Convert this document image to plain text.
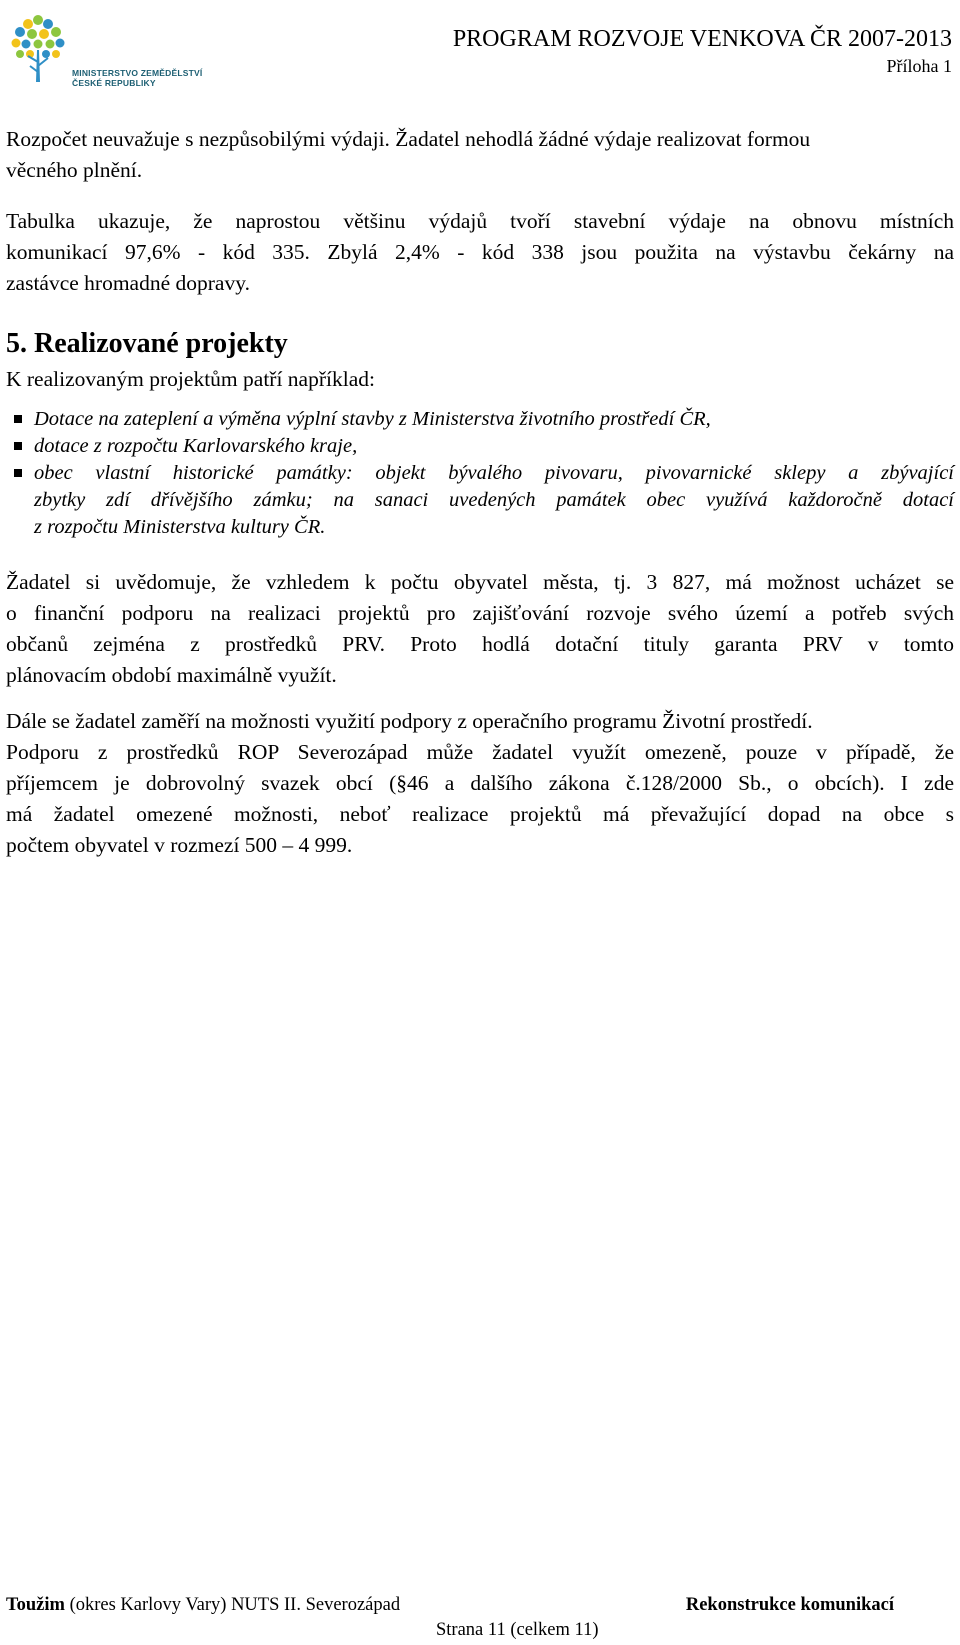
MINISTERSTVO ZEMĚDĚLSTVÍ
ČESKÉ REPUBLIKY
PROGRAM ROZVOJE VENKOVA ČR 2007-2013
Příloha 1
Rozpočet neuvažuje s nezpůsobilými výdaji. Žadatel nehodlá žádné výdaje realizovat formou
věcného plnění.
Tabulka ukazuje, že naprostou většinu výdajů tvoří stavební výdaje na obnovu místních
komunikací 97,6% - kód 335. Zbylá 2,4% - kód 338 jsou použita na výstavbu čekárny na
zastávce hromadné dopravy.
5. Realizované projekty
K realizovaným projektům patří například:
Dotace na zateplení a výměna výplní stavby z Ministerstva životního prostředí ČR,
dotace z rozpočtu Karlovarského kraje,
obec vlastní historické památky: objekt bývalého pivovaru, pivovarnické sklepy a zbývající
zbytky zdí dřívějšího zámku; na sanaci uvedených památek obec využívá každoročně dotací
z rozpočtu Ministerstva kultury ČR.
Žadatel si uvědomuje, že vzhledem k počtu obyvatel města, tj. 3 827, má možnost ucházet se
o finanční podporu na realizaci projektů pro zajišťování rozvoje svého území a potřeb svých
občanů zejména z prostředků PRV. Proto hodlá dotační tituly garanta PRV v tomto
plánovacím období maximálně využít.
Dále se žadatel zaměří na možnosti využití podpory z operačního programu Životní prostředí.
Podporu z prostředků ROP Severozápad může žadatel využít omezeně, pouze v případě, že
příjemcem je dobrovolný svazek obcí (§46 a dalšího zákona č.128/2000 Sb., o obcích). I zde
má žadatel omezené možnosti, neboť realizace projektů má převažující dopad na obce s
počtem obyvatel v rozmezí 500 – 4 999.
Toužim (okres Karlovy Vary) NUTS II. Severozápad	Rekonstrukce komunikací
Strana 11 (celkem 11)
